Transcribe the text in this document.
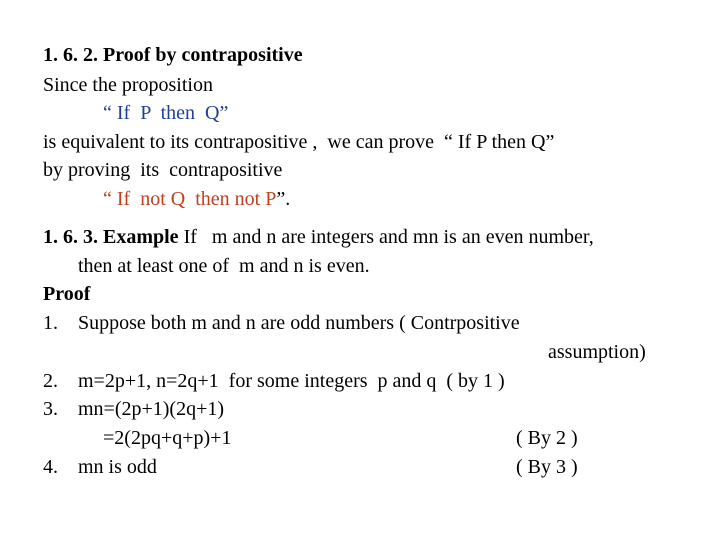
1. 6. 2. Proof by contrapositive
Since the proposition
“ If  P  then  Q”
is equivalent to its contrapositive ,  we can prove  “ If P then Q”
by proving  its  contrapositive
“ If  not Q  then not P”.
1. 6. 3. Example If   m and n are integers and mn is an even number,
then at least one of  m and n is even.
Proof
1. Suppose both m and n are odd numbers ( Contrpositive
assumption)
2. m=2p+1, n=2q+1  for some integers  p and q  ( by 1 )
3. mn=(2p+1)(2q+1)
=2(2pq+q+p)+1	( By 2 )
4. mn is odd	( By 3 )
